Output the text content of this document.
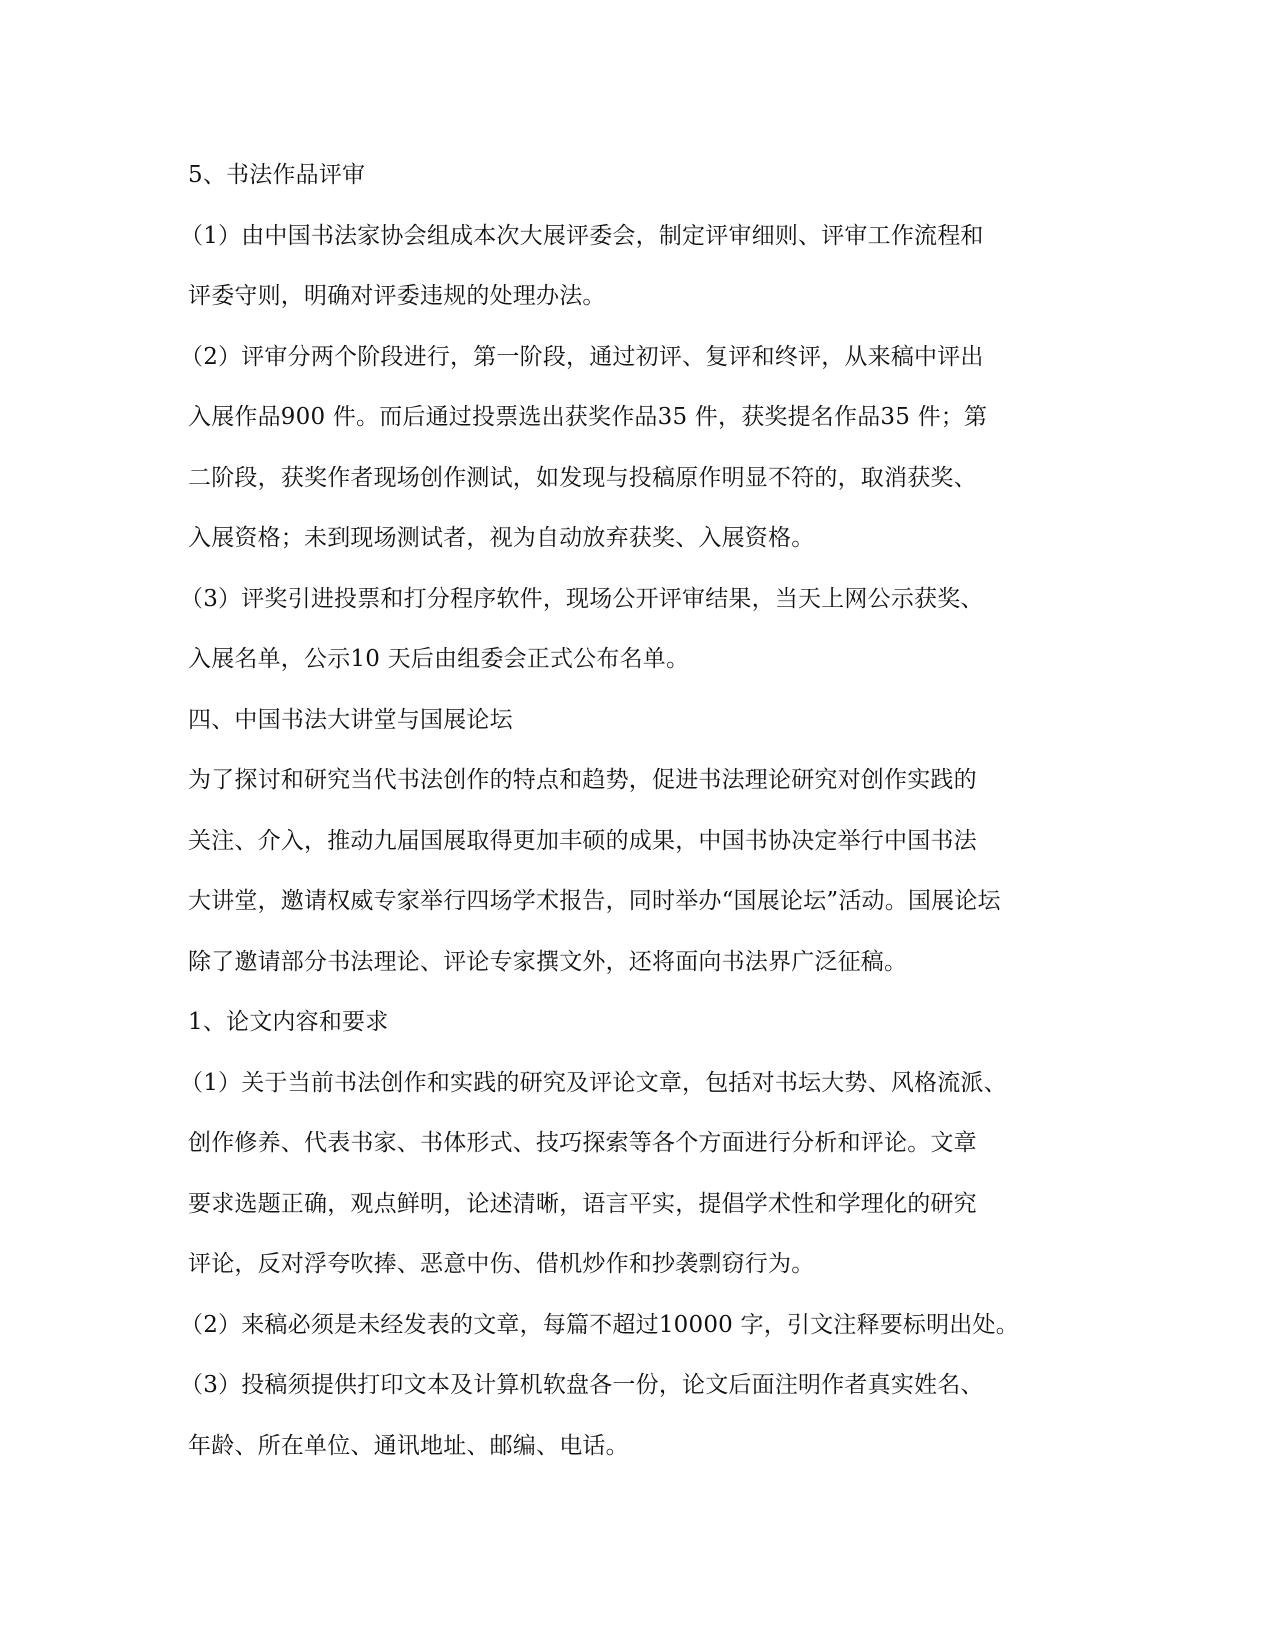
5、书法作品评审
（1）由中国书法家协会组成本次大展评委会，制定评审细则、评审工作流程和
评委守则，明确对评委违规的处理办法。
（2）评审分两个阶段进行，第一阶段，通过初评、复评和终评，从来稿中评出
入展作品900 件。而后通过投票选出获奖作品35 件，获奖提名作品35 件；第
二阶段，获奖作者现场创作测试，如发现与投稿原作明显不符的，取消获奖、
入展资格；未到现场测试者，视为自动放弃获奖、入展资格。
（3）评奖引进投票和打分程序软件，现场公开评审结果，当天上网公示获奖、
入展名单，公示10 天后由组委会正式公布名单。
四、中国书法大讲堂与国展论坛
为了探讨和研究当代书法创作的特点和趋势，促进书法理论研究对创作实践的
关注、介入，推动九届国展取得更加丰硕的成果，中国书协决定举行中国书法
大讲堂，邀请权威专家举行四场学术报告，同时举办“国展论坛”活动。国展论坛
除了邀请部分书法理论、评论专家撰文外，还将面向书法界广泛征稿。
1、论文内容和要求
（1）关于当前书法创作和实践的研究及评论文章，包括对书坛大势、风格流派、
创作修养、代表书家、书体形式、技巧探索等各个方面进行分析和评论。文章
要求选题正确，观点鲜明，论述清晰，语言平实，提倡学术性和学理化的研究
评论，反对浮夸吹捧、恶意中伤、借机炒作和抄袭剽窃行为。
（2）来稿必须是未经发表的文章，每篇不超过10000 字，引文注释要标明出处。
（3）投稿须提供打印文本及计算机软盘各一份，论文后面注明作者真实姓名、
年龄、所在单位、通讯地址、邮编、电话。
